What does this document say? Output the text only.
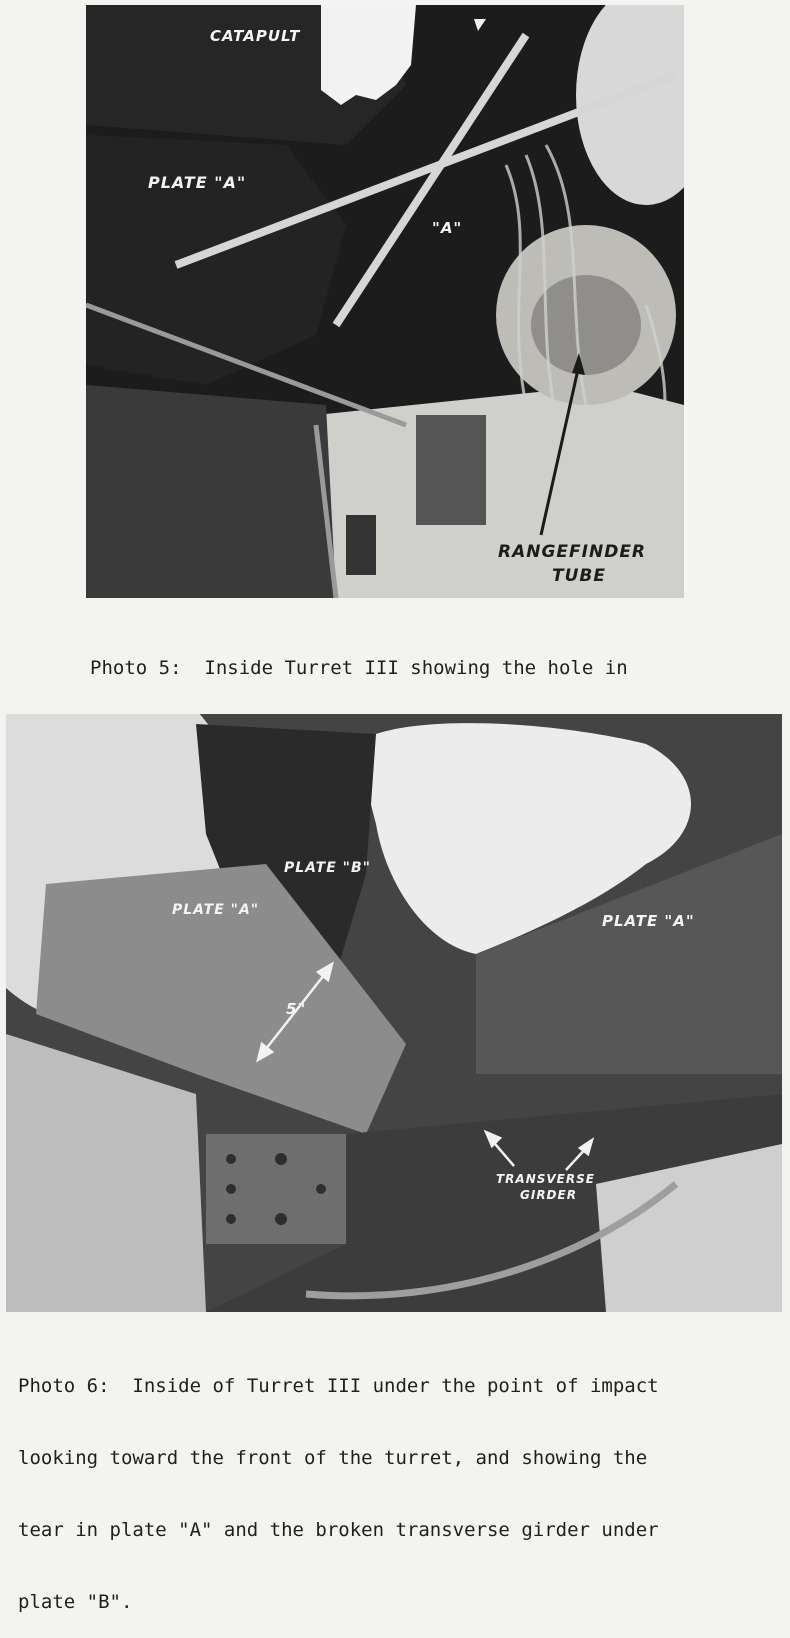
CATAPULT
PLATE "A"
"A"
RANGEFINDER
TUBE

Photo 5:  Inside Turret III showing the hole in

PLATE "B"
PLATE "A"
PLATE "A"
5"
TRANSVERSE
GIRDER

Photo 6:  Inside of Turret III under the point of impact

looking toward the front of the turret, and showing the

tear in plate "A" and the broken transverse girder under

plate "B".
